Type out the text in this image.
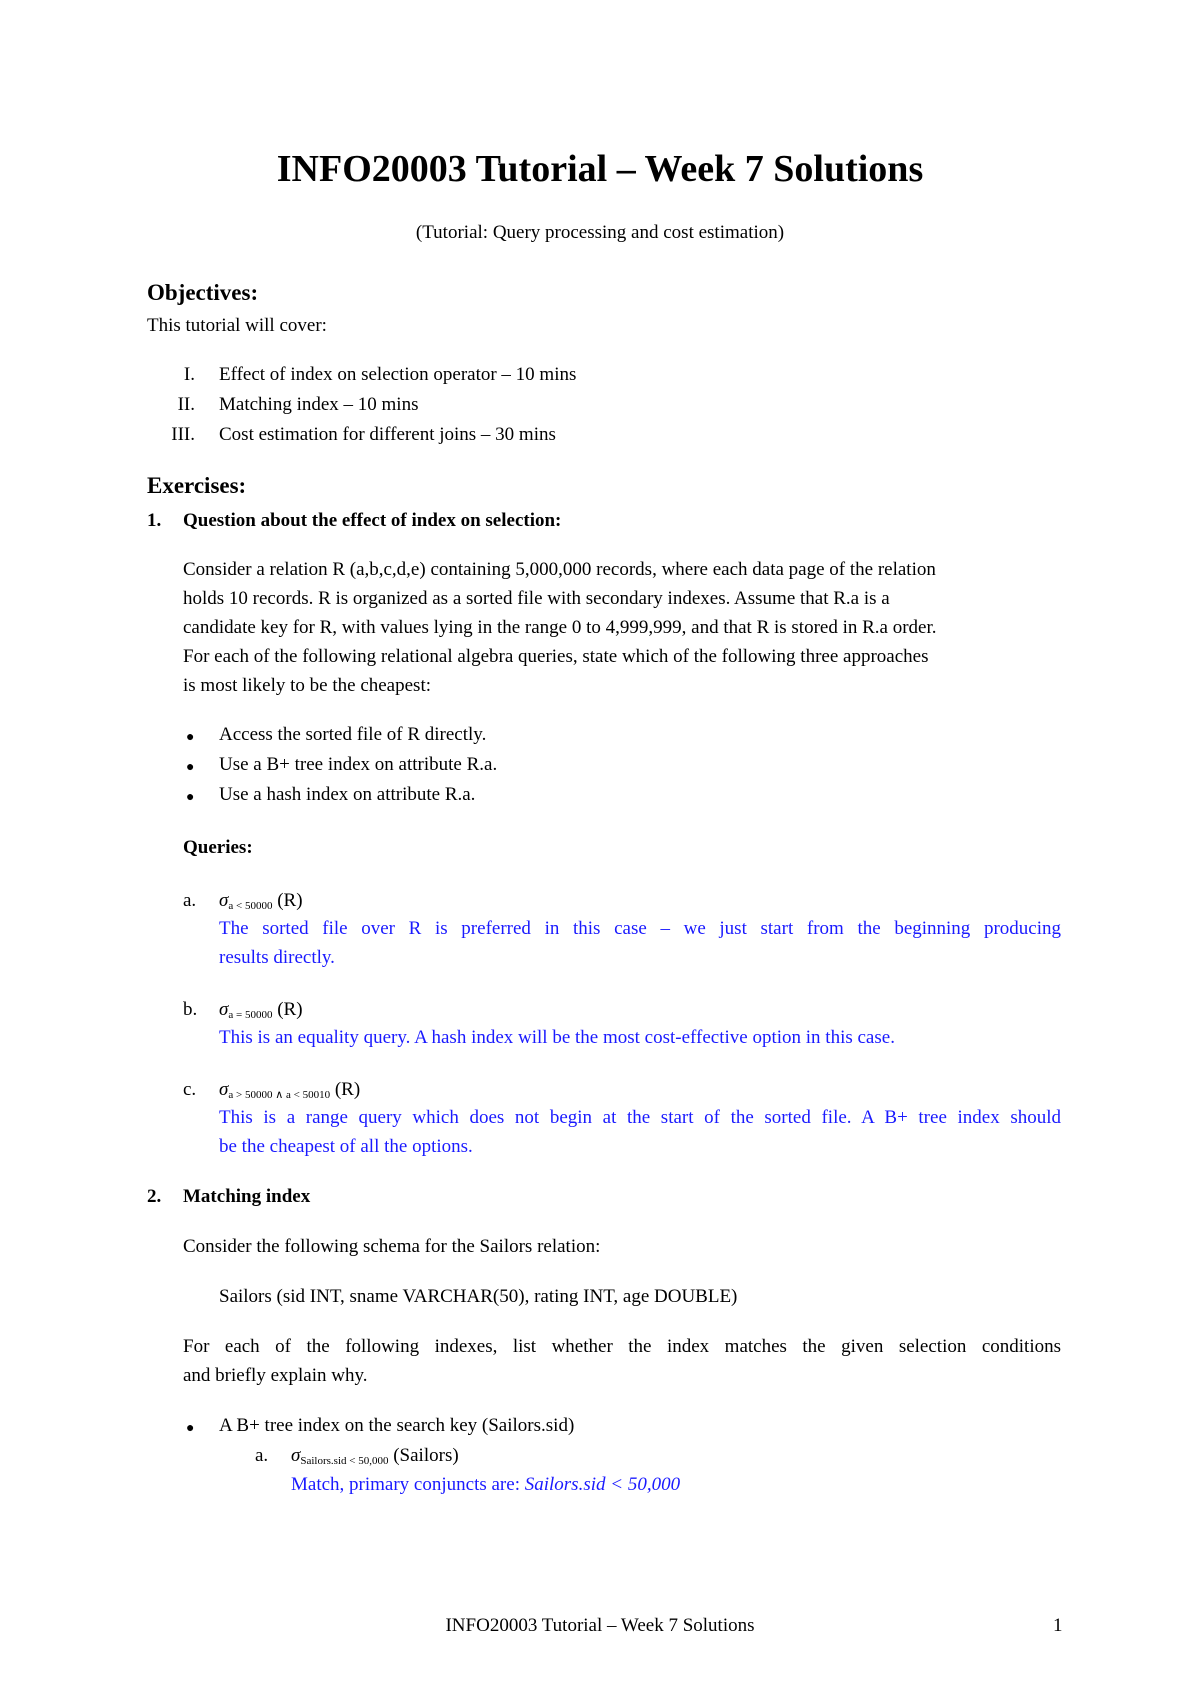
INFO20003 Tutorial – Week 7 Solutions
(Tutorial: Query processing and cost estimation)
Objectives:
This tutorial will cover:
I. Effect of index on selection operator – 10 mins
II. Matching index – 10 mins
III. Cost estimation for different joins – 30 mins
Exercises:
1. Question about the effect of index on selection:
Consider a relation R (a,b,c,d,e) containing 5,000,000 records, where each data page of the relation
holds 10 records. R is organized as a sorted file with secondary indexes. Assume that R.a is a
candidate key for R, with values lying in the range 0 to 4,999,999, and that R is stored in R.a order.
For each of the following relational algebra queries, state which of the following three approaches
is most likely to be the cheapest:
● Access the sorted file of R directly.
● Use a B+ tree index on attribute R.a.
● Use a hash index on attribute R.a.
Queries:
a. $\sigma_{a < 50000}$ (R)
The sorted file over R is preferred in this case – we just start from the beginning producing
results directly.
b. $\sigma_{a = 50000}$ (R)
This is an equality query. A hash index will be the most cost-effective option in this case.
c. $\sigma_{a > 50000 \wedge a < 50010}$ (R)
This is a range query which does not begin at the start of the sorted file. A B+ tree index should
be the cheapest of all the options.
2. Matching index
Consider the following schema for the Sailors relation:
Sailors (sid INT, sname VARCHAR(50), rating INT, age DOUBLE)
For each of the following indexes, list whether the index matches the given selection conditions
and briefly explain why.
● A B+ tree index on the search key (Sailors.sid)
a. $\sigma_{Sailors.sid < 50,000}$ (Sailors)
Match, primary conjuncts are: Sailors.sid < 50,000
INFO20003 Tutorial – Week 7 Solutions	1
